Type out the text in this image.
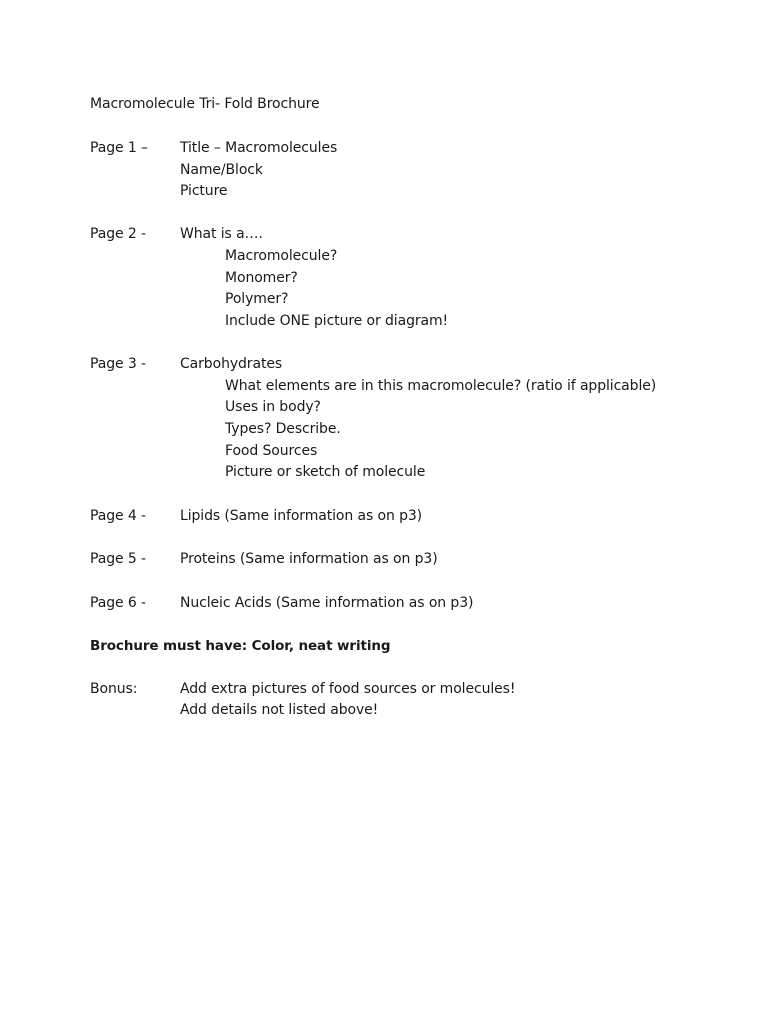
Macromolecule Tri- Fold Brochure
Page 1 – Title – Macromolecules
Name/Block
Picture
Page 2 - What is a….
Macromolecule?
Monomer?
Polymer?
Include ONE picture or diagram!
Page 3 - Carbohydrates
What elements are in this macromolecule? (ratio if applicable)
Uses in body?
Types? Describe.
Food Sources
Picture or sketch of molecule
Page 4 - Lipids (Same information as on p3)
Page 5 - Proteins (Same information as on p3)
Page 6 - Nucleic Acids (Same information as on p3)
Brochure must have: Color, neat writing
Bonus:	Add extra pictures of food sources or molecules!
Add details not listed above!
